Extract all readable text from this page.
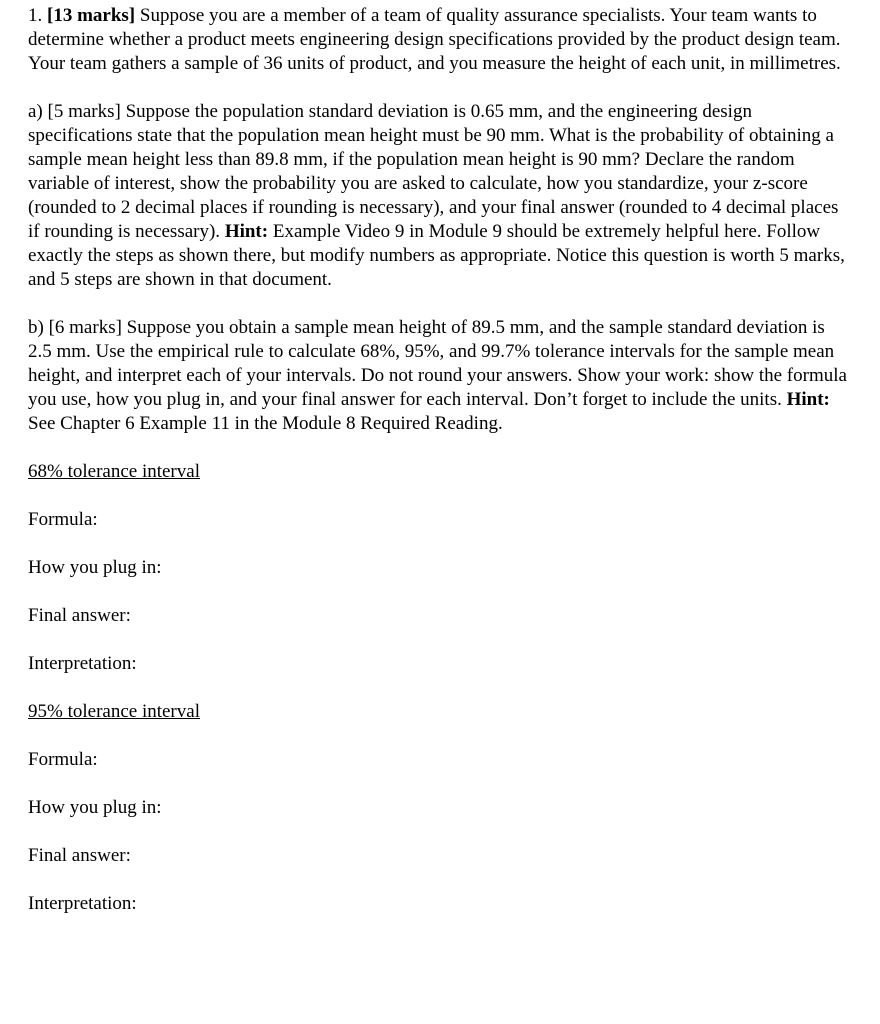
1. [13 marks] Suppose you are a member of a team of quality assurance specialists. Your team wants to determine whether a product meets engineering design specifications provided by the product design team. Your team gathers a sample of 36 units of product, and you measure the height of each unit, in millimetres.

a) [5 marks] Suppose the population standard deviation is 0.65 mm, and the engineering design specifications state that the population mean height must be 90 mm. What is the probability of obtaining a sample mean height less than 89.8 mm, if the population mean height is 90 mm? Declare the random variable of interest, show the probability you are asked to calculate, how you standardize, your z-score (rounded to 2 decimal places if rounding is necessary), and your final answer (rounded to 4 decimal places if rounding is necessary). Hint: Example Video 9 in Module 9 should be extremely helpful here. Follow exactly the steps as shown there, but modify numbers as appropriate. Notice this question is worth 5 marks, and 5 steps are shown in that document.

b) [6 marks] Suppose you obtain a sample mean height of 89.5 mm, and the sample standard deviation is 2.5 mm. Use the empirical rule to calculate 68%, 95%, and 99.7% tolerance intervals for the sample mean height, and interpret each of your intervals. Do not round your answers. Show your work: show the formula you use, how you plug in, and your final answer for each interval. Don’t forget to include the units. Hint: See Chapter 6 Example 11 in the Module 8 Required Reading.

68% tolerance interval

Formula:

How you plug in:

Final answer:

Interpretation:

95% tolerance interval

Formula:

How you plug in:

Final answer:

Interpretation:
